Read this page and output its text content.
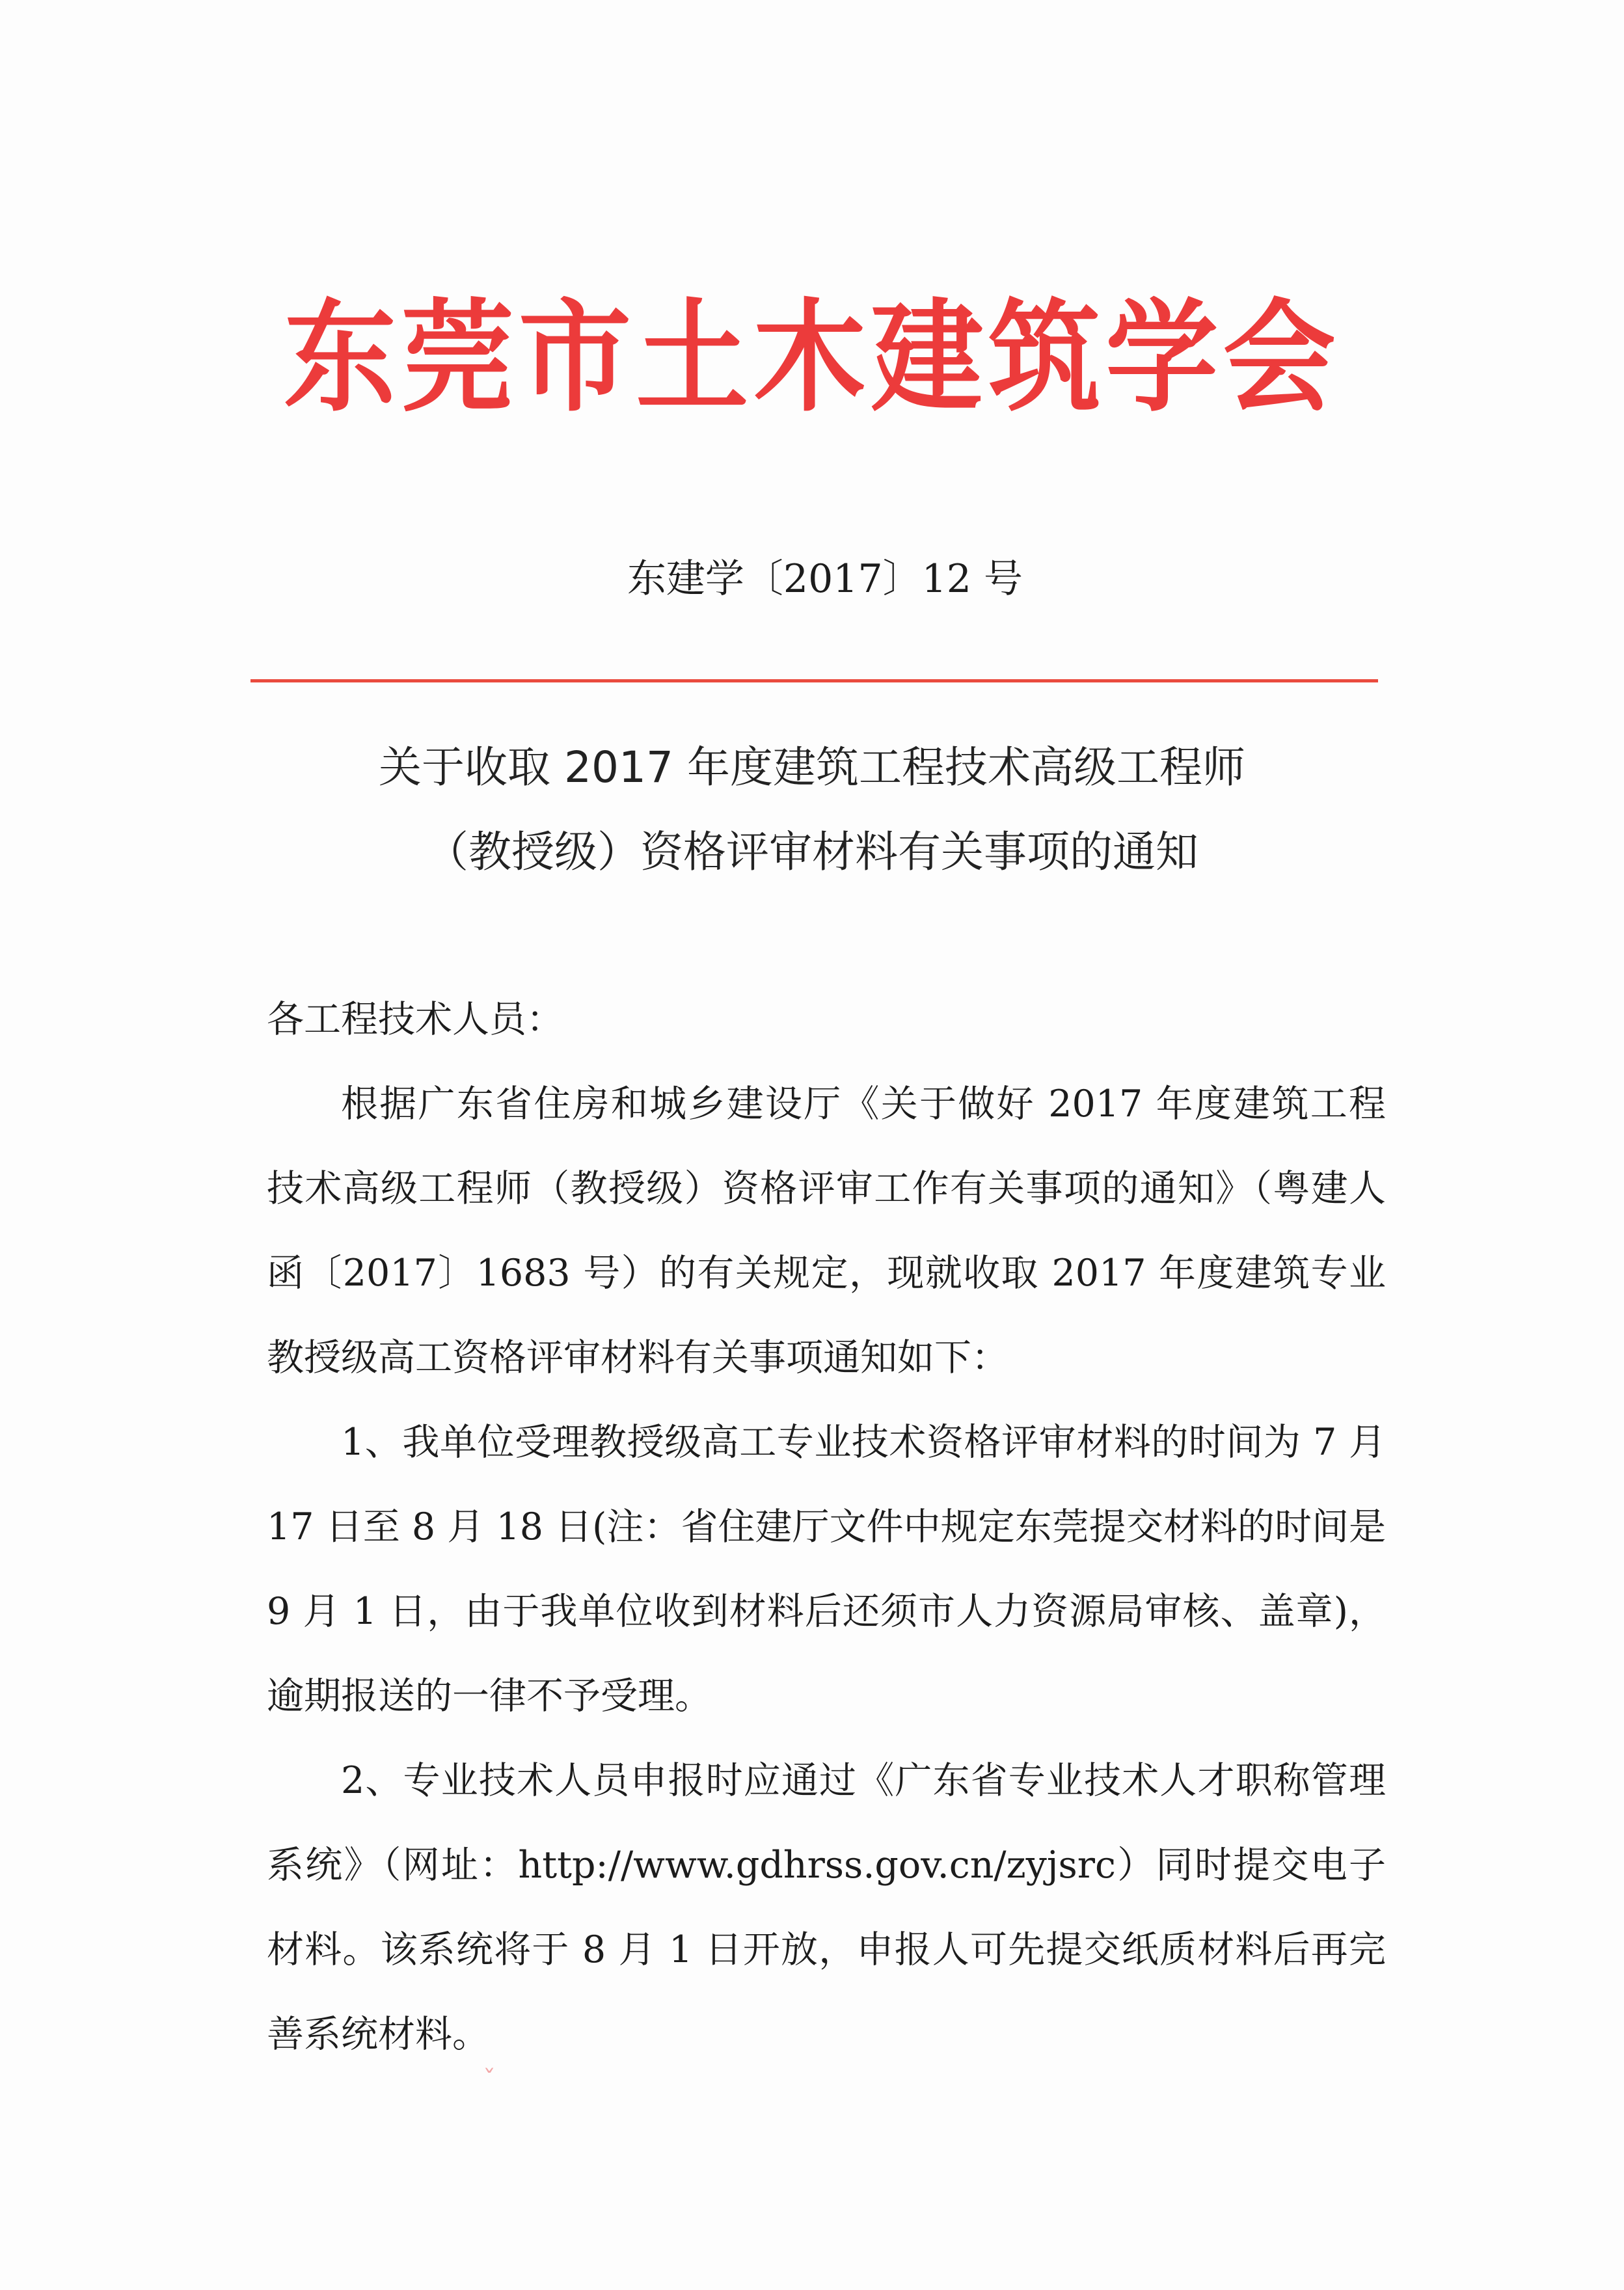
东莞市土木建筑学会
东建学〔2017〕12 号
关于收取 2017 年度建筑工程技术高级工程师
（教授级）资格评审材料有关事项的通知

各工程技术人员：

根据广东省住房和城乡建设厅《关于做好 2017 年度建筑工程技术高级工程师（教授级）资格评审工作有关事项的通知》（粤建人函〔2017〕1683 号）的有关规定，现就收取 2017 年度建筑专业教授级高工资格评审材料有关事项通知如下：

1、我单位受理教授级高工专业技术资格评审材料的时间为 7 月 17 日至 8 月 18 日(注：省住建厅文件中规定东莞提交材料的时间是 9 月 1 日，由于我单位收到材料后还须市人力资源局审核、盖章)，逾期报送的一律不予受理。

2、专业技术人员申报时应通过《广东省专业技术人才职称管理系统》（网址：http://www.gdhrss.gov.cn/zyjsrc）同时提交电子材料。该系统将于 8 月 1 日开放，申报人可先提交纸质材料后再完善系统材料。

ˇ
